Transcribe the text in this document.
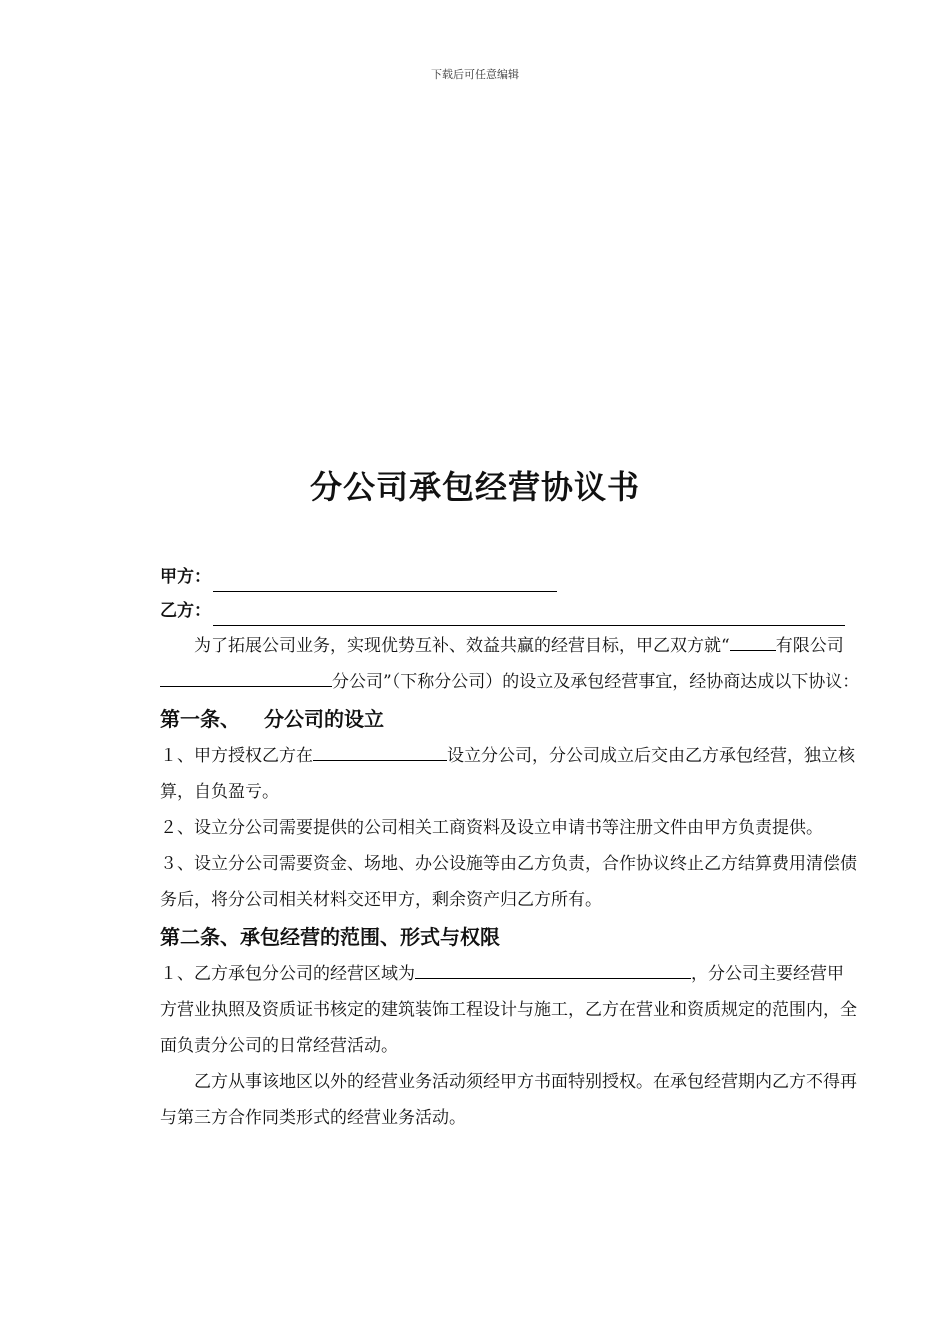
下载后可任意编辑
分公司承包经营协议书
甲方：
乙方：

为了拓展公司业务，实现优势互补、效益共赢的经营目标，甲乙双方就“	有限公司分公司”（下称分公司）的设立及承包经营事宜，经协商达成以下协议：

第一条、 分公司的设立

１、甲方授权乙方在	设立分公司，分公司成立后交由乙方承包经营，独立核算，自负盈亏。

２、设立分公司需要提供的公司相关工商资料及设立申请书等注册文件由甲方负责提供。

３、设立分公司需要资金、场地、办公设施等由乙方负责，合作协议终止乙方结算费用清偿债务后，将分公司相关材料交还甲方，剩余资产归乙方所有。

第二条、承包经营的范围、形式与权限

１、乙方承包分公司的经营区域为	，分公司主要经营甲方营业执照及资质证书核定的建筑装饰工程设计与施工，乙方在营业和资质规定的范围内，全面负责分公司的日常经营活动。

乙方从事该地区以外的经营业务活动须经甲方书面特别授权。在承包经营期内乙方不得再与第三方合作同类形式的经营业务活动。
